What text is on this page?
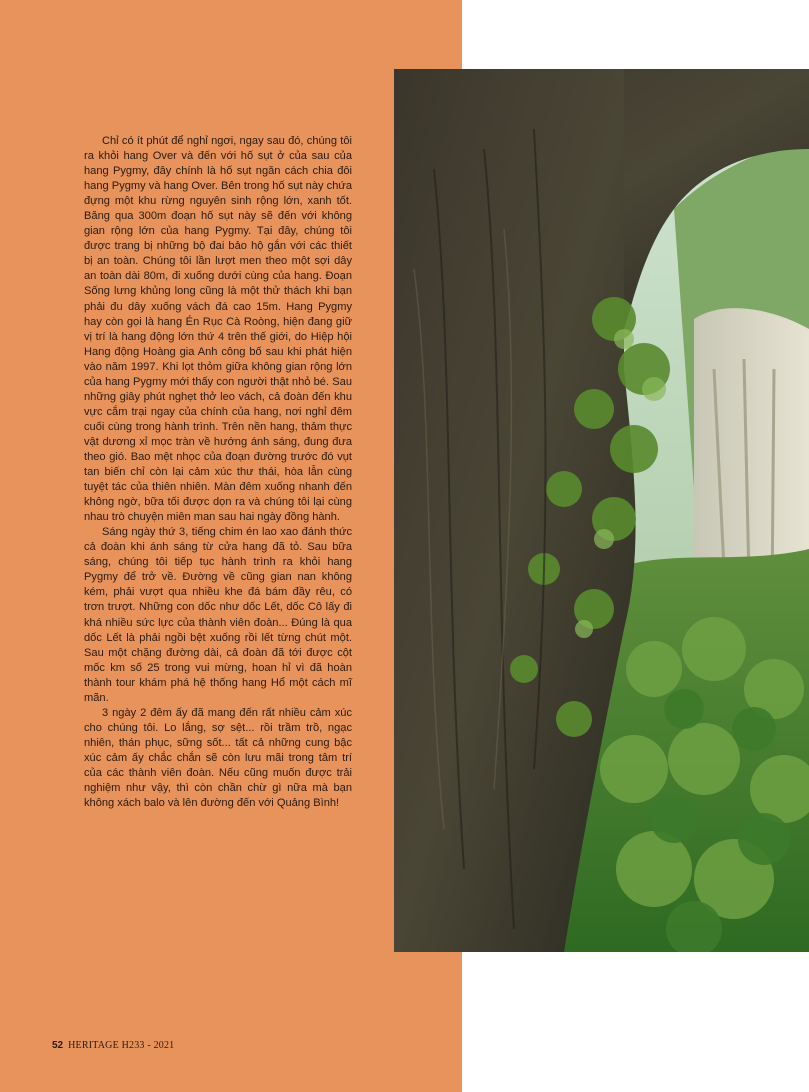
Chỉ có ít phút để nghỉ ngơi, ngay sau đó, chúng tôi ra khỏi hang Over và đến với hố sụt ở của sau của hang Pygmy, đây chính là hố sụt ngăn cách chia đôi hang Pygmy và hang Over. Bên trong hố sụt này chứa đựng một khu rừng nguyên sinh rộng lớn, xanh tốt. Băng qua 300m đoạn hố sụt này sẽ đến với không gian rộng lớn của hang Pygmy. Tại đây, chúng tôi được trang bị những bộ đai bảo hộ gắn với các thiết bị an toàn. Chúng tôi lần lượt men theo một sợi dây an toàn dài 80m, đi xuống dưới cùng của hang. Đoạn Sống lưng khủng long cũng là một thử thách khi bạn phải đu dây xuống vách đá cao 15m. Hang Pygmy hay còn gọi là hang Én Rục Cà Roòng, hiện đang giữ vị trí là hang động lớn thứ 4 trên thế giới, do Hiệp hội Hang động Hoàng gia Anh công bố sau khi phát hiện vào năm 1997. Khi lọt thỏm giữa không gian rộng lớn của hang Pygmy mới thấy con người thật nhỏ bé. Sau những giây phút nghẹt thở leo vách, cả đoàn đến khu vực cắm trại ngay của chính của hang, nơi nghỉ đêm cuối cùng trong hành trình. Trên nền hang, thảm thực vật dương xỉ mọc tràn về hướng ánh sáng, đung đưa theo gió. Bao mệt nhọc của đoạn đường trước đó vụt tan biến chỉ còn lại cảm xúc thư thái, hòa lẫn cùng tuyệt tác của thiên nhiên. Màn đêm xuống nhanh đến không ngờ, bữa tối được dọn ra và chúng tôi lại cùng nhau trò chuyện miên man sau hai ngày đồng hành.

Sáng ngày thứ 3, tiếng chim én lao xao đánh thức cả đoàn khi ánh sáng từ cửa hang đã tỏ. Sau bữa sáng, chúng tôi tiếp tục hành trình ra khỏi hang Pygmy để trở về. Đường về cũng gian nan không kém, phải vượt qua nhiều khe đá bám đầy rêu, có trơn trượt. Những con dốc như dốc Lết, dốc Cô lấy đi khá nhiều sức lực của thành viên đoàn... Đúng là qua dốc Lết là phải ngồi bệt xuống rồi lết từng chút một. Sau một chặng đường dài, cả đoàn đã tới được cột mốc km số 25 trong vui mừng, hoan hỉ vì đã hoàn thành tour khám phá hệ thống hang Hổ một cách mĩ mãn.

3 ngày 2 đêm ấy đã mang đến rất nhiều cảm xúc cho chúng tôi. Lo lắng, sợ sệt... rồi trầm trồ, ngạc nhiên, thán phục, sững sốt... tất cả những cung bậc xúc cảm ấy chắc chắn sẽ còn lưu mãi trong tâm trí của các thành viên đoàn. Nếu cũng muốn được trải nghiệm như vậy, thì còn chần chừ gì nữa mà bạn không xách balo và lên đường đến với Quảng Bình!

52 HERITAGE H233 - 2021
